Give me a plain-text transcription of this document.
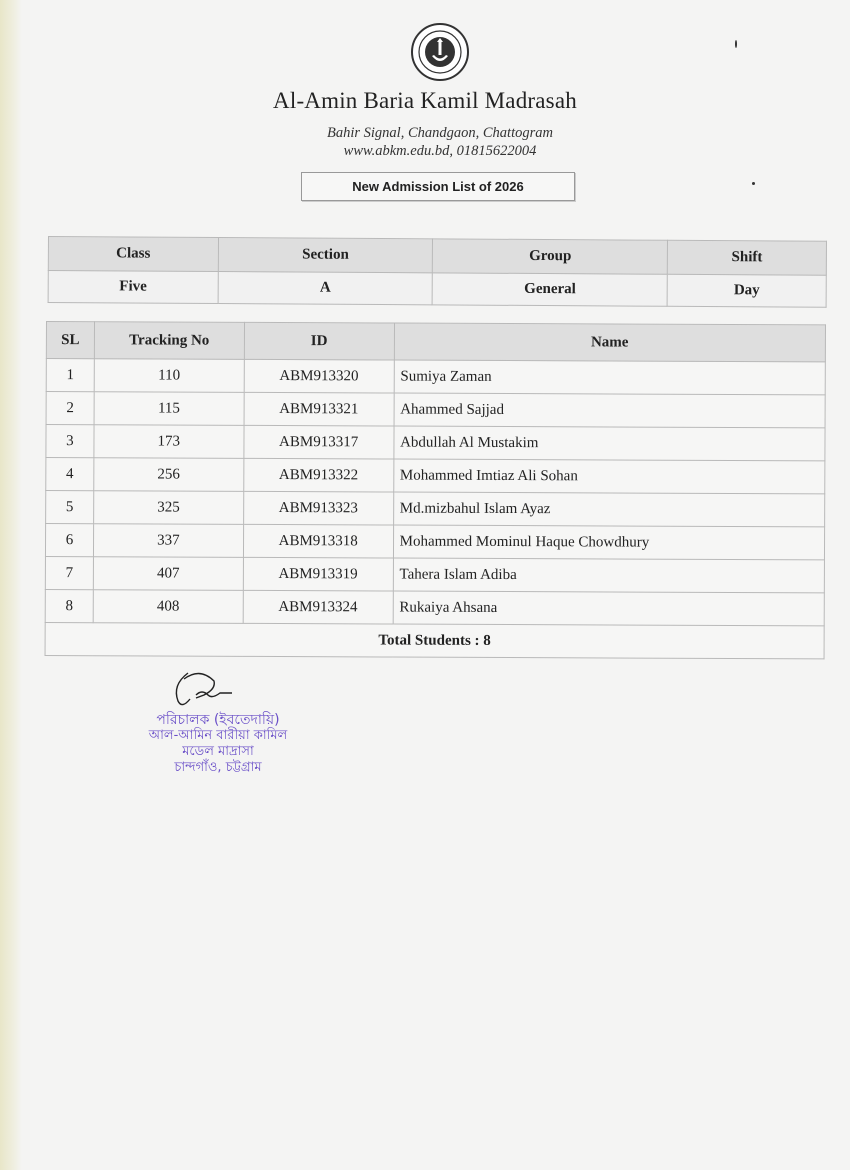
Al-Amin Baria Kamil Madrasah
Bahir Signal, Chandgaon, Chattogram
www.abkm.edu.bd, 01815622004
New Admission List of 2026
Class	Section	Group	Shift
Five	A	General	Day
SL	Tracking No	ID	Name
1	110	ABM913320	Sumiya Zaman
2	115	ABM913321	Ahammed Sajjad
3	173	ABM913317	Abdullah Al Mustakim
4	256	ABM913322	Mohammed Imtiaz Ali Sohan
5	325	ABM913323	Md.mizbahul Islam Ayaz
6	337	ABM913318	Mohammed Mominul Haque Chowdhury
7	407	ABM913319	Tahera Islam Adiba
8	408	ABM913324	Rukaiya Ahsana
Total Students : 8			
পরিচালক (ইবতেদায়ি)
আল-আমিন বারীয়া কামিল
মডেল মাদ্রাসা
চান্দগাঁও, চট্টগ্রাম
